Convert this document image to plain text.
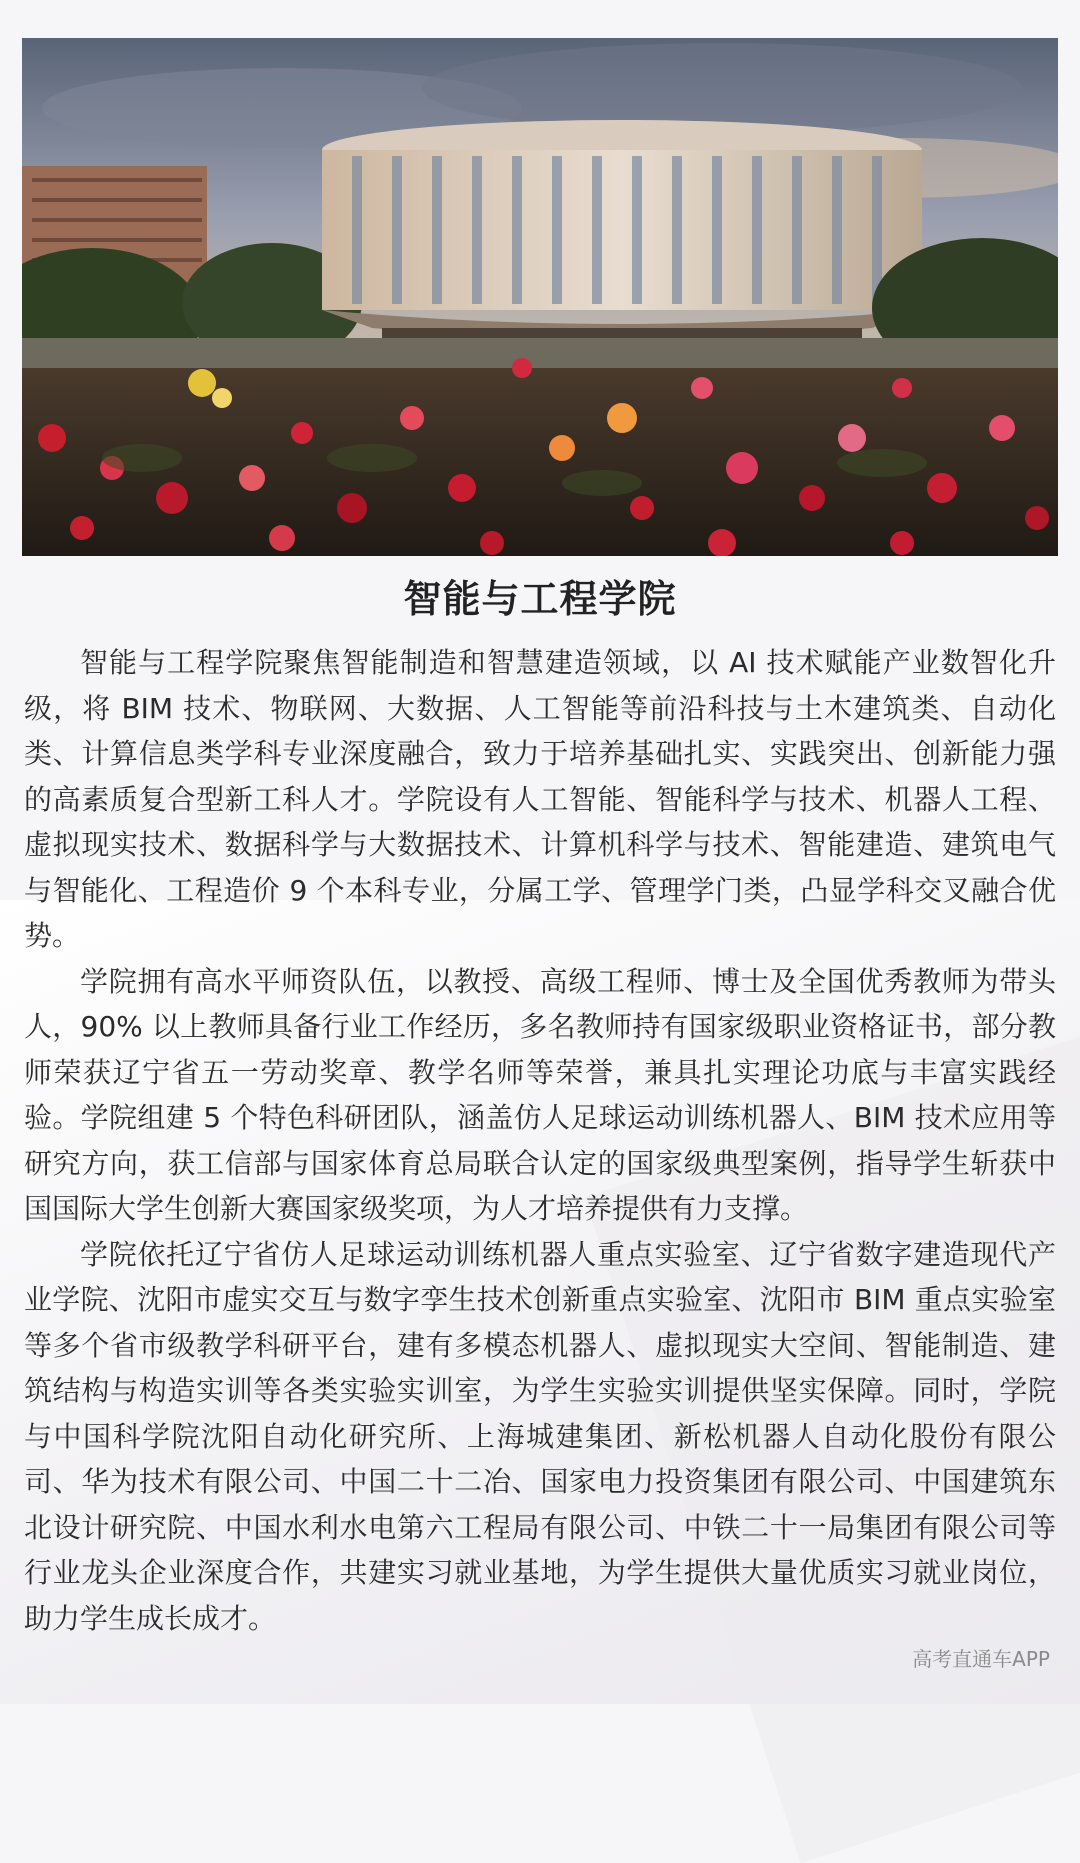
智能与工程学院

智能与工程学院聚焦智能制造和智慧建造领域，以 AI 技术赋能产业数智化升级，将 BIM 技术、物联网、大数据、人工智能等前沿科技与土木建筑类、自动化类、计算信息类学科专业深度融合，致力于培养基础扎实、实践突出、创新能力强的高素质复合型新工科人才。学院设有人工智能、智能科学与技术、机器人工程、虚拟现实技术、数据科学与大数据技术、计算机科学与技术、智能建造、建筑电气与智能化、工程造价 9 个本科专业，分属工学、管理学门类，凸显学科交叉融合优势。

学院拥有高水平师资队伍，以教授、高级工程师、博士及全国优秀教师为带头人，90% 以上教师具备行业工作经历，多名教师持有国家级职业资格证书，部分教师荣获辽宁省五一劳动奖章、教学名师等荣誉，兼具扎实理论功底与丰富实践经验。学院组建 5 个特色科研团队，涵盖仿人足球运动训练机器人、BIM 技术应用等研究方向，获工信部与国家体育总局联合认定的国家级典型案例，指导学生斩获中国国际大学生创新大赛国家级奖项，为人才培养提供有力支撑。

学院依托辽宁省仿人足球运动训练机器人重点实验室、辽宁省数字建造现代产业学院、沈阳市虚实交互与数字孪生技术创新重点实验室、沈阳市 BIM 重点实验室等多个省市级教学科研平台，建有多模态机器人、虚拟现实大空间、智能制造、建筑结构与构造实训等各类实验实训室，为学生实验实训提供坚实保障。同时，学院与中国科学院沈阳自动化研究所、上海城建集团、新松机器人自动化股份有限公司、华为技术有限公司、中国二十二冶、国家电力投资集团有限公司、中国建筑东北设计研究院、中国水利水电第六工程局有限公司、中铁二十一局集团有限公司等行业龙头企业深度合作，共建实习就业基地，为学生提供大量优质实习就业岗位，助力学生成长成才。

高考直通车APP
